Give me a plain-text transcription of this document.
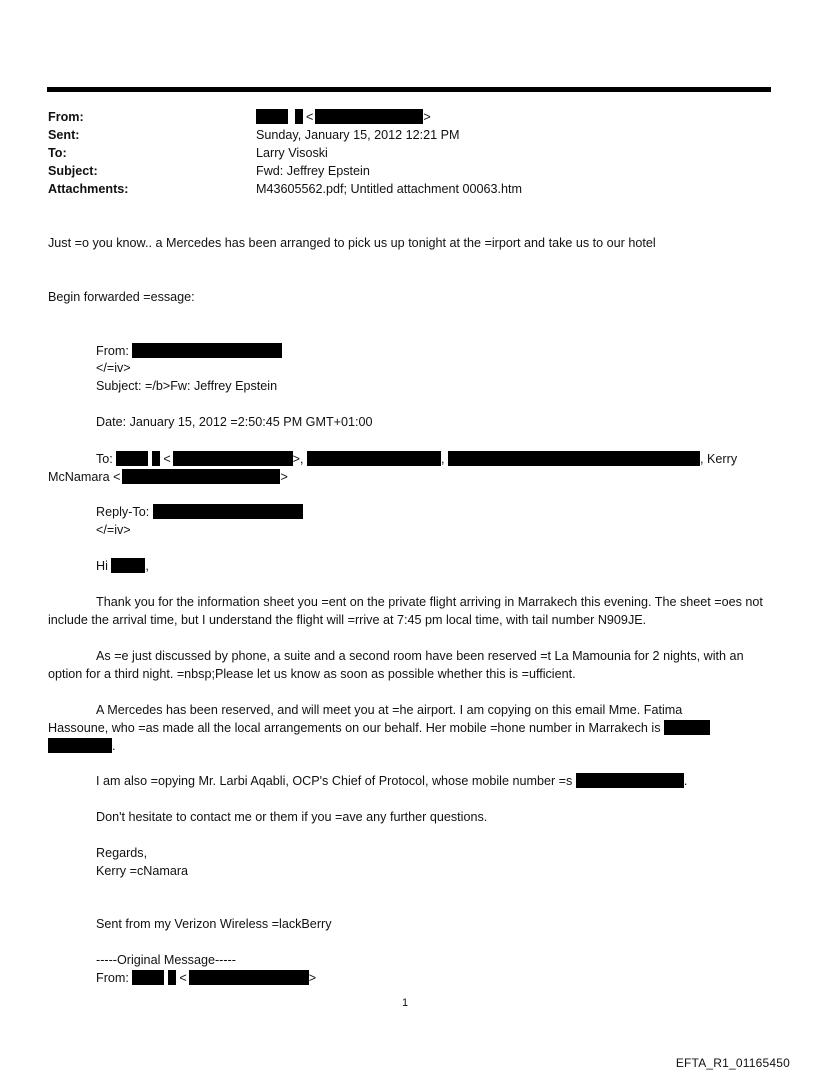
From:	<	>
Sent:	Sunday, January 15, 2012 12:21 PM
To:	Larry Visoski
Subject:	Fwd: Jeffrey Epstein
Attachments:	M43605562.pdf; Untitled attachment 00063.htm
Just =o you know.. a Mercedes has been arranged to pick us up tonight at the =irport and take us to our hotel
Begin forwarded =essage:
From:
</=iv>
Subject: =/b>Fw: Jeffrey Epstein
Date: January 15, 2012 =2:50:45 PM GMT+01:00
To:	<	>,	,	, Kerry
McNamara <	>
Reply-To:
</=iv>
Hi	,
Thank you for the information sheet you =ent on the private flight arriving in Marrakech this evening. The sheet =oes not include the arrival time, but I understand the flight will =rrive at 7:45 pm local time, with tail number N909JE.
As =e just discussed by phone, a suite and a second room have been reserved =t La Mamounia for 2 nights, with an option for a third night. =nbsp;Please let us know as soon as possible whether this is =ufficient.
A Mercedes has been reserved, and will meet you at =he airport. I am copying on this email Mme. Fatima
Hassoune, who =as made all the local arrangements on our behalf. Her mobile =hone number in Marrakech is
.
I am also =opying Mr. Larbi Aqabli, OCP's Chief of Protocol, whose mobile number =s	.
Don't hesitate to contact me or them if you =ave any further questions.
Regards,
Kerry =cNamara
Sent from my Verizon Wireless =lackBerry
-----Original Message-----
From:	<	>
1
EFTA_R1_01165450
